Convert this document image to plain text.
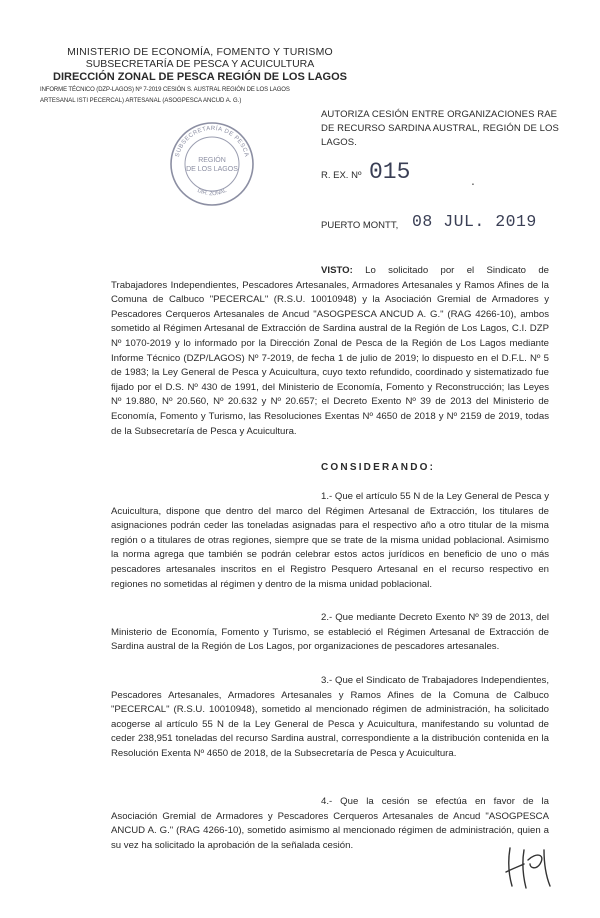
MINISTERIO DE ECONOMÍA, FOMENTO Y TURISMO
SUBSECRETARÍA DE PESCA Y ACUICULTURA
DIRECCIÓN ZONAL DE PESCA REGIÓN DE LOS LAGOS
INFORME TÉCNICO (DZP-LAGOS) Nº 7-2019 CESIÓN S. AUSTRAL REGIÓN DE LOS LAGOS
ARTESANAL ISTI PECERCAL) ARTESANAL (ASOGPESCA ANCUD A. G.)
SUBSECRETARÍA DE PESCA
DIR. ZONAL
REGIÓN
DE LOS LAGOS
AUTORIZA CESIÓN ENTRE ORGANIZACIONES RAE DE RECURSO SARDINA AUSTRAL, REGIÓN DE LOS LAGOS.
R. EX. Nº 015	.
PUERTO MONTT, 08 JUL. 2019
VISTO: Lo solicitado por el Sindicato de Trabajadores Independientes, Pescadores Artesanales, Armadores Artesanales y Ramos Afines de la Comuna de Calbuco "PECERCAL" (R.S.U. 10010948) y la Asociación Gremial de Armadores y Pescadores Cerqueros Artesanales de Ancud "ASOGPESCA ANCUD A. G." (RAG 4266-10), ambos sometido al Régimen Artesanal de Extracción de Sardina austral de la Región de Los Lagos, C.I. DZP Nº 1070-2019 y lo informado por la Dirección Zonal de Pesca de la Región de Los Lagos mediante Informe Técnico (DZP/LAGOS) Nº 7-2019, de fecha 1 de julio de 2019; lo dispuesto en el D.F.L. Nº 5 de 1983; la Ley General de Pesca y Acuicultura, cuyo texto refundido, coordinado y sistematizado fue fijado por el D.S. Nº 430 de 1991, del Ministerio de Economía, Fomento y Reconstrucción; las Leyes Nº 19.880, Nº 20.560, Nº 20.632 y Nº 20.657; el Decreto Exento Nº 39 de 2013 del Ministerio de Economía, Fomento y Turismo, las Resoluciones Exentas Nº 4650 de 2018 y Nº 2159 de 2019, todas de la Subsecretaría de Pesca y Acuicultura.
CONSIDERANDO:
1.- Que el artículo 55 N de la Ley General de Pesca y Acuicultura, dispone que dentro del marco del Régimen Artesanal de Extracción, los titulares de asignaciones podrán ceder las toneladas asignadas para el respectivo año a otro titular de la misma región o a titulares de otras regiones, siempre que se trate de la misma unidad poblacional. Asimismo la norma agrega que también se podrán celebrar estos actos jurídicos en beneficio de uno o más pescadores artesanales inscritos en el Registro Pesquero Artesanal en el recurso respectivo en regiones no sometidas al régimen y dentro de la misma unidad poblacional.
2.- Que mediante Decreto Exento Nº 39 de 2013, del Ministerio de Economía, Fomento y Turismo, se estableció el Régimen Artesanal de Extracción de Sardina austral de la Región de Los Lagos, por organizaciones de pescadores artesanales.
3.- Que el Sindicato de Trabajadores Independientes, Pescadores Artesanales, Armadores Artesanales y Ramos Afines de la Comuna de Calbuco "PECERCAL" (R.S.U. 10010948), sometido al mencionado régimen de administración, ha solicitado acogerse al artículo 55 N de la Ley General de Pesca y Acuicultura, manifestando su voluntad de ceder 238,951 toneladas del recurso Sardina austral, correspondiente a la distribución contenida en la Resolución Exenta Nº 4650 de 2018, de la Subsecretaría de Pesca y Acuicultura.
4.- Que la cesión se efectúa en favor de la Asociación Gremial de Armadores y Pescadores Cerqueros Artesanales de Ancud "ASOGPESCA ANCUD A. G." (RAG 4266-10), sometido asimismo al mencionado régimen de administración, quien a su vez ha solicitado la aprobación de la señalada cesión.
